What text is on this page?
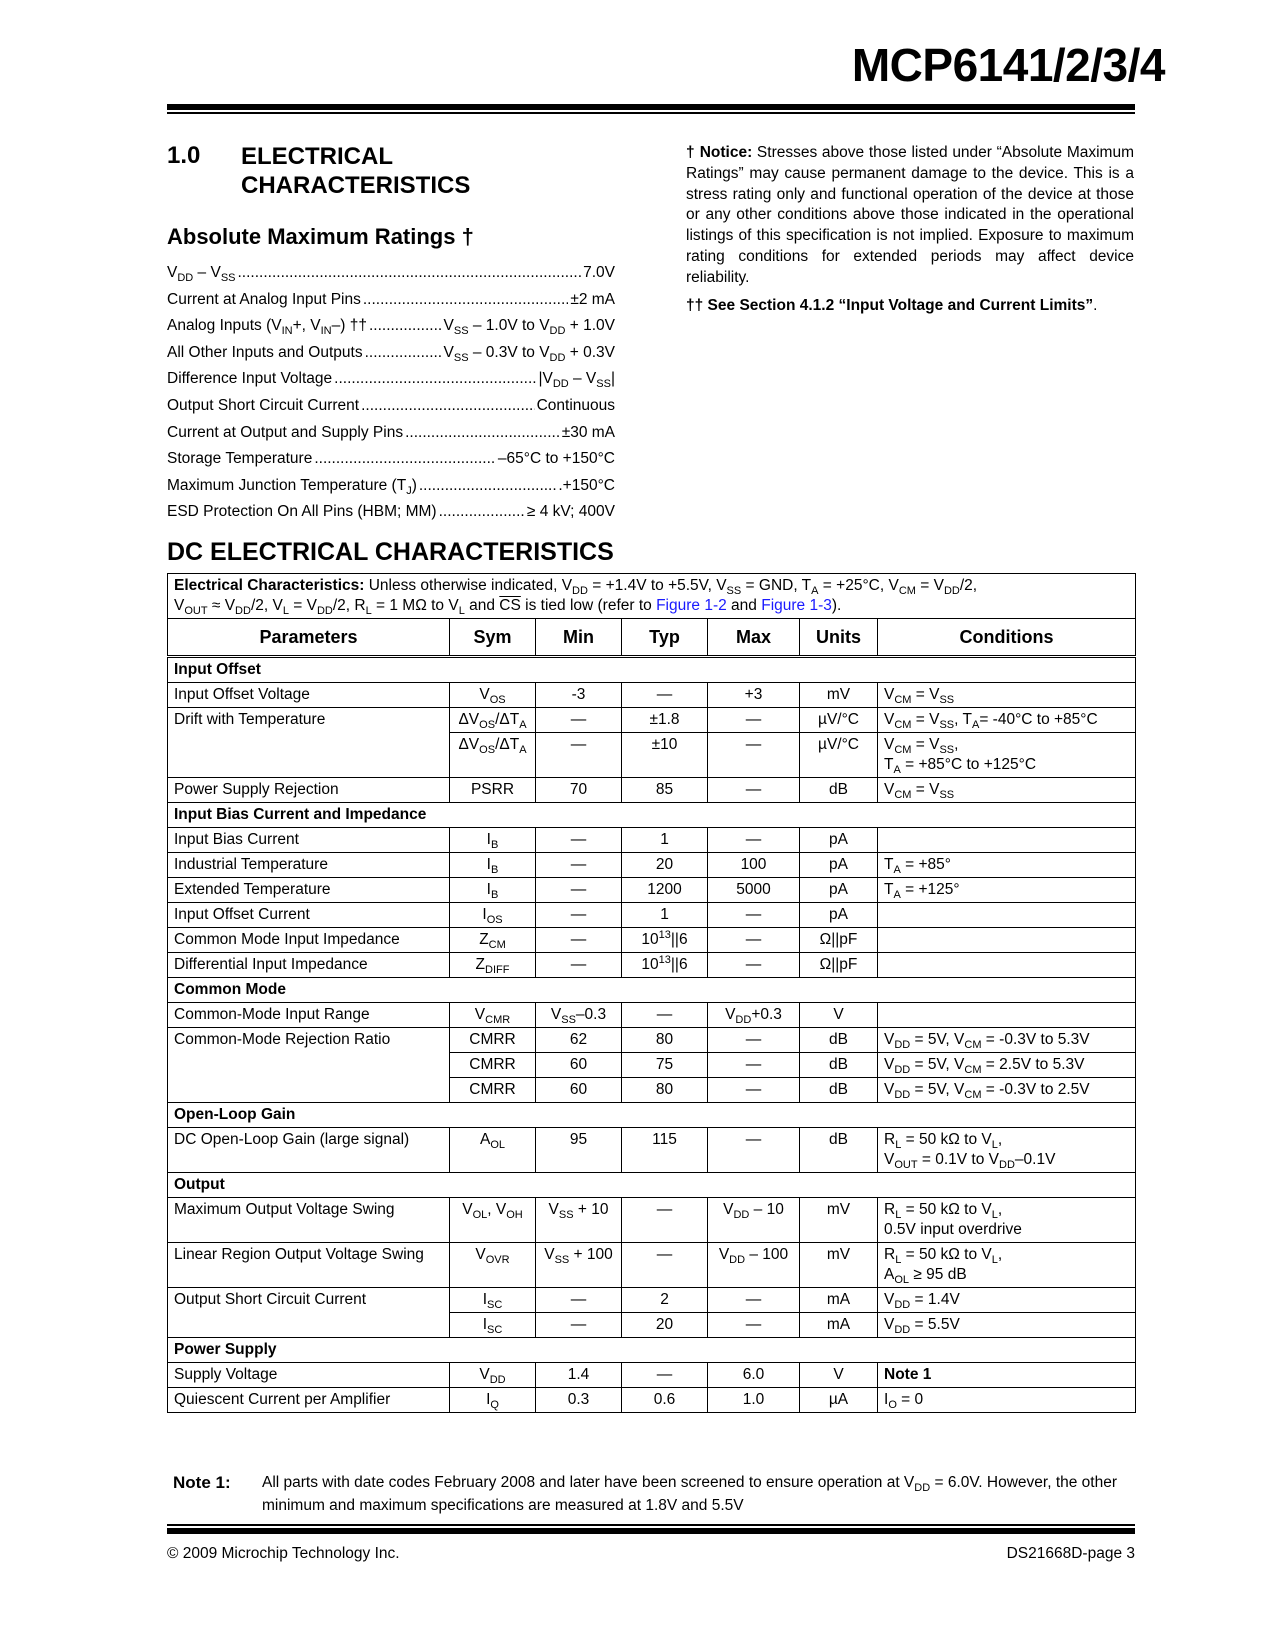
MCP6141/2/3/4
1.0 ELECTRICAL
CHARACTERISTICS
Absolute Maximum Ratings †
$V_{DD} - V_{SS}$ .....	7.0V
Current at Analog Input Pins .....	±2 mA
Analog Inputs ($V_{IN}+$, $V_{IN}-$) †† .....	$V_{SS} - 1.0V$ to $V_{DD} + 1.0V$
All Other Inputs and Outputs .....	$V_{SS} - 0.3V$ to $V_{DD} + 0.3V$
Difference Input Voltage .....	$|V_{DD} - V_{SS}|$
Output Short Circuit Current .....	Continuous
Current at Output and Supply Pins .....	±30 mA
Storage Temperature .....	–65°C to +150°C
Maximum Junction Temperature $(T_J)$ .....	.+150°C
ESD Protection On All Pins (HBM; MM) .....	≥ 4 kV; 400V

† Notice: Stresses above those listed under “Absolute Maximum Ratings” may cause permanent damage to the device. This is a stress rating only and functional operation of the device at those or any other conditions above those indicated in the operational listings of this specification is not implied. Exposure to maximum rating conditions for extended periods may affect device reliability.

†† See Section 4.1.2 “Input Voltage and Current Limits”.

DC ELECTRICAL CHARACTERISTICS
Electrical Characteristics: Unless otherwise indicated, $V_{DD} = +1.4V$ to +5.5V, $V_{SS}$ = GND, $T_A = +25^\circ C$, $V_{CM} = V_{DD}/2$,
$V_{OUT} \approx V_{DD}/2$, $V_L = V_{DD}/2$, $R_L = 1$ MΩ to $V_L$ and $\overline{CS}$ is tied low (refer to Figure 1-2 and Figure 1-3).						
Parameters	Sym	Min	Typ	Max	Units	Conditions
Input Offset						
Input Offset Voltage	$V_{OS}$	-3	—	+3	mV	$V_{CM} = V_{SS}$
Drift with Temperature	$\Delta V_{OS}/\Delta T_A$	—	±1.8	—	µV/°C	$V_{CM} = V_{SS}$, $T_A= -40^\circ C$ to +85°C
	$\Delta V_{OS}/\Delta T_A$	—	±10	—	µV/°C	$V_{CM} = V_{SS}$,
$T_A = +85^\circ C$ to +125°C
Power Supply Rejection	PSRR	70	85	—	dB	$V_{CM} = V_{SS}$
Input Bias Current and Impedance						
Input Bias Current	$I_B$	—	1	—	pA	
Industrial Temperature	$I_B$	—	20	100	pA	$T_A = +85^\circ$
Extended Temperature	$I_B$	—	1200	5000	pA	$T_A = +125^\circ$
Input Offset Current	$I_{OS}$	—	1	—	pA	
Common Mode Input Impedance	$Z_{CM}$	—	$10^{13}||6$	—	Ω||pF	
Differential Input Impedance	$Z_{DIFF}$	—	$10^{13}||6$	—	Ω||pF	
Common Mode						
Common-Mode Input Range	$V_{CMR}$	$V_{SS}-0.3$	—	$V_{DD}+0.3$	V	
Common-Mode Rejection Ratio	CMRR	62	80	—	dB	$V_{DD} = 5V$, $V_{CM} = -0.3V$ to 5.3V
	CMRR	60	75	—	dB	$V_{DD} = 5V$, $V_{CM} = 2.5V$ to 5.3V
	CMRR	60	80	—	dB	$V_{DD} = 5V$, $V_{CM} = -0.3V$ to 2.5V
Open-Loop Gain						
DC Open-Loop Gain (large signal)	$A_{OL}$	95	115	—	dB	$R_L = 50$ kΩ to $V_L$,
$V_{OUT} = 0.1V$ to $V_{DD}-0.1V$
Output						
Maximum Output Voltage Swing	$V_{OL}$, $V_{OH}$	$V_{SS} + 10$	—	$V_{DD} - 10$	mV	$R_L = 50$ kΩ to $V_L$,
0.5V input overdrive
Linear Region Output Voltage Swing	$V_{OVR}$	$V_{SS} + 100$	—	$V_{DD} - 100$	mV	$R_L = 50$ kΩ to $V_L$,
$A_{OL} \ge 95$ dB
Output Short Circuit Current	$I_{SC}$	—	2	—	mA	$V_{DD} = 1.4V$
	$I_{SC}$	—	20	—	mA	$V_{DD} = 5.5V$
Power Supply						
Supply Voltage	$V_{DD}$	1.4	—	6.0	V	Note 1
Quiescent Current per Amplifier	$I_Q$	0.3	0.6	1.0	µA	$I_O = 0$
Note 1:	All parts with date codes February 2008 and later have been screened to ensure operation at $V_{DD} = 6.0V$. However, the other minimum and maximum specifications are measured at 1.8V and 5.5V
© 2009 Microchip Technology Inc.	DS21668D-page 3
